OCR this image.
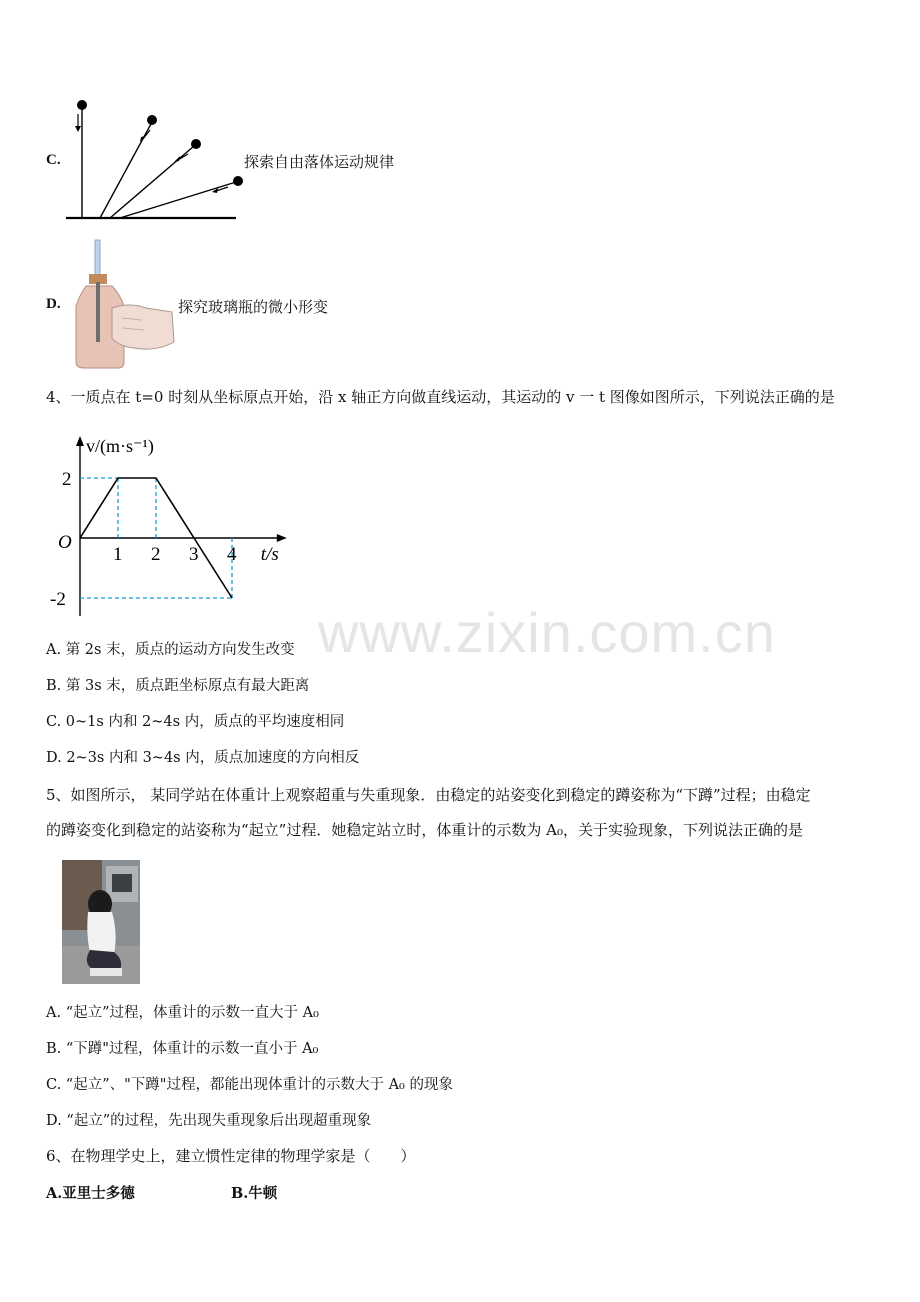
C.	探索自由落体运动规律
D.	探究玻璃瓶的微小形变
4、一质点在 t=0 时刻从坐标原点开始，沿 x 轴正方向做直线运动，其运动的 v 一 t 图像如图所示，下列说法正确的是
1 2 3 4
2
-2
O
t/s
v/(m·s⁻¹)
A. 第 2s 末，质点的运动方向发生改变
B. 第 3s 末，质点距坐标原点有最大距离
C. 0~1s 内和 2~4s 内，质点的平均速度相同
D. 2~3s 内和 3~4s 内，质点加速度的方向相反
5、如图所示， 某同学站在体重计上观察超重与失重现象．由稳定的站姿变化到稳定的蹲姿称为“下蹲”过程；由稳定
的蹲姿变化到稳定的站姿称为“起立”过程．她稳定站立时，体重计的示数为 A₀，关于实验现象，下列说法正确的是
A. “起立”过程，体重计的示数一直大于 A₀
B. “下蹲"过程，体重计的示数一直小于 A₀
C. “起立”、"下蹲"过程，都能出现体重计的示数大于 A₀ 的现象
D. “起立”的过程，先出现失重现象后出现超重现象
6、在物理学史上，建立惯性定律的物理学家是（　　）
A.亚里士多德	B.牛顿
www.zixin.com.cn
